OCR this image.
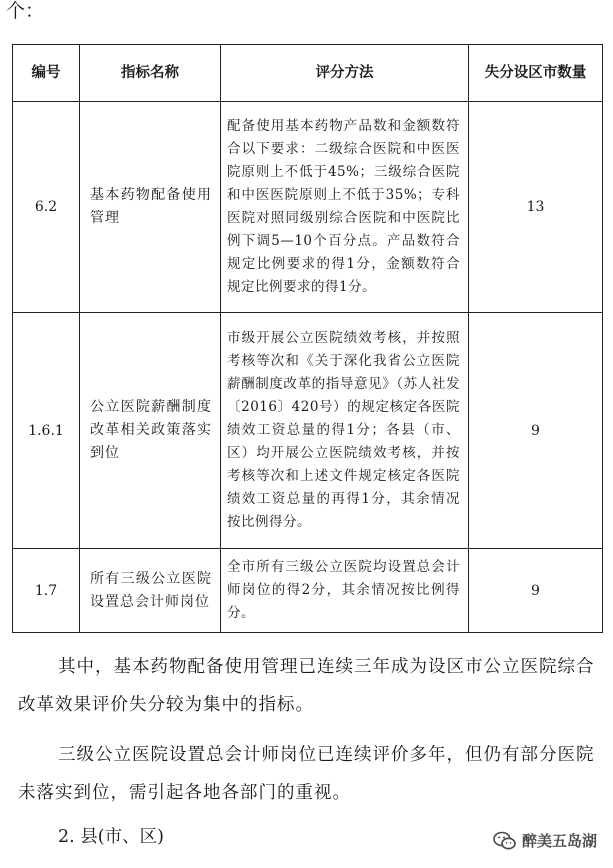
个：
编号	指标名称	评分方法	失分设区市数量
6.2	基本药物配备使用管理	配备使用基本药物产品数和金额数符合以下要求：二级综合医院和中医医院原则上不低于45%；三级综合医院和中医医院原则上不低于35%；专科医院对照同级别综合医院和中医院比例下调5—10个百分点。产品数符合规定比例要求的得1分，金额数符合规定比例要求的得1分。	13
1.6.1	公立医院薪酬制度改革相关政策落实到位	市级开展公立医院绩效考核，并按照考核等次和《关于深化我省公立医院薪酬制度改革的指导意见》（苏人社发〔2016〕420号）的规定核定各医院绩效工资总量的得1分；各县（市、区）均开展公立医院绩效考核，并按考核等次和上述文件规定核定各医院绩效工资总量的再得1分，其余情况按比例得分。	9
1.7	所有三级公立医院设置总会计师岗位	全市所有三级公立医院均设置总会计师岗位的得2分，其余情况按比例得分。	9

其中，基本药物配备使用管理已连续三年成为设区市公立医院综合改革效果评价失分较为集中的指标。

三级公立医院设置总会计师岗位已连续评价多年，但仍有部分医院未落实到位，需引起各地各部门的重视。

2. 县(市、区)	醉美五岛湖
